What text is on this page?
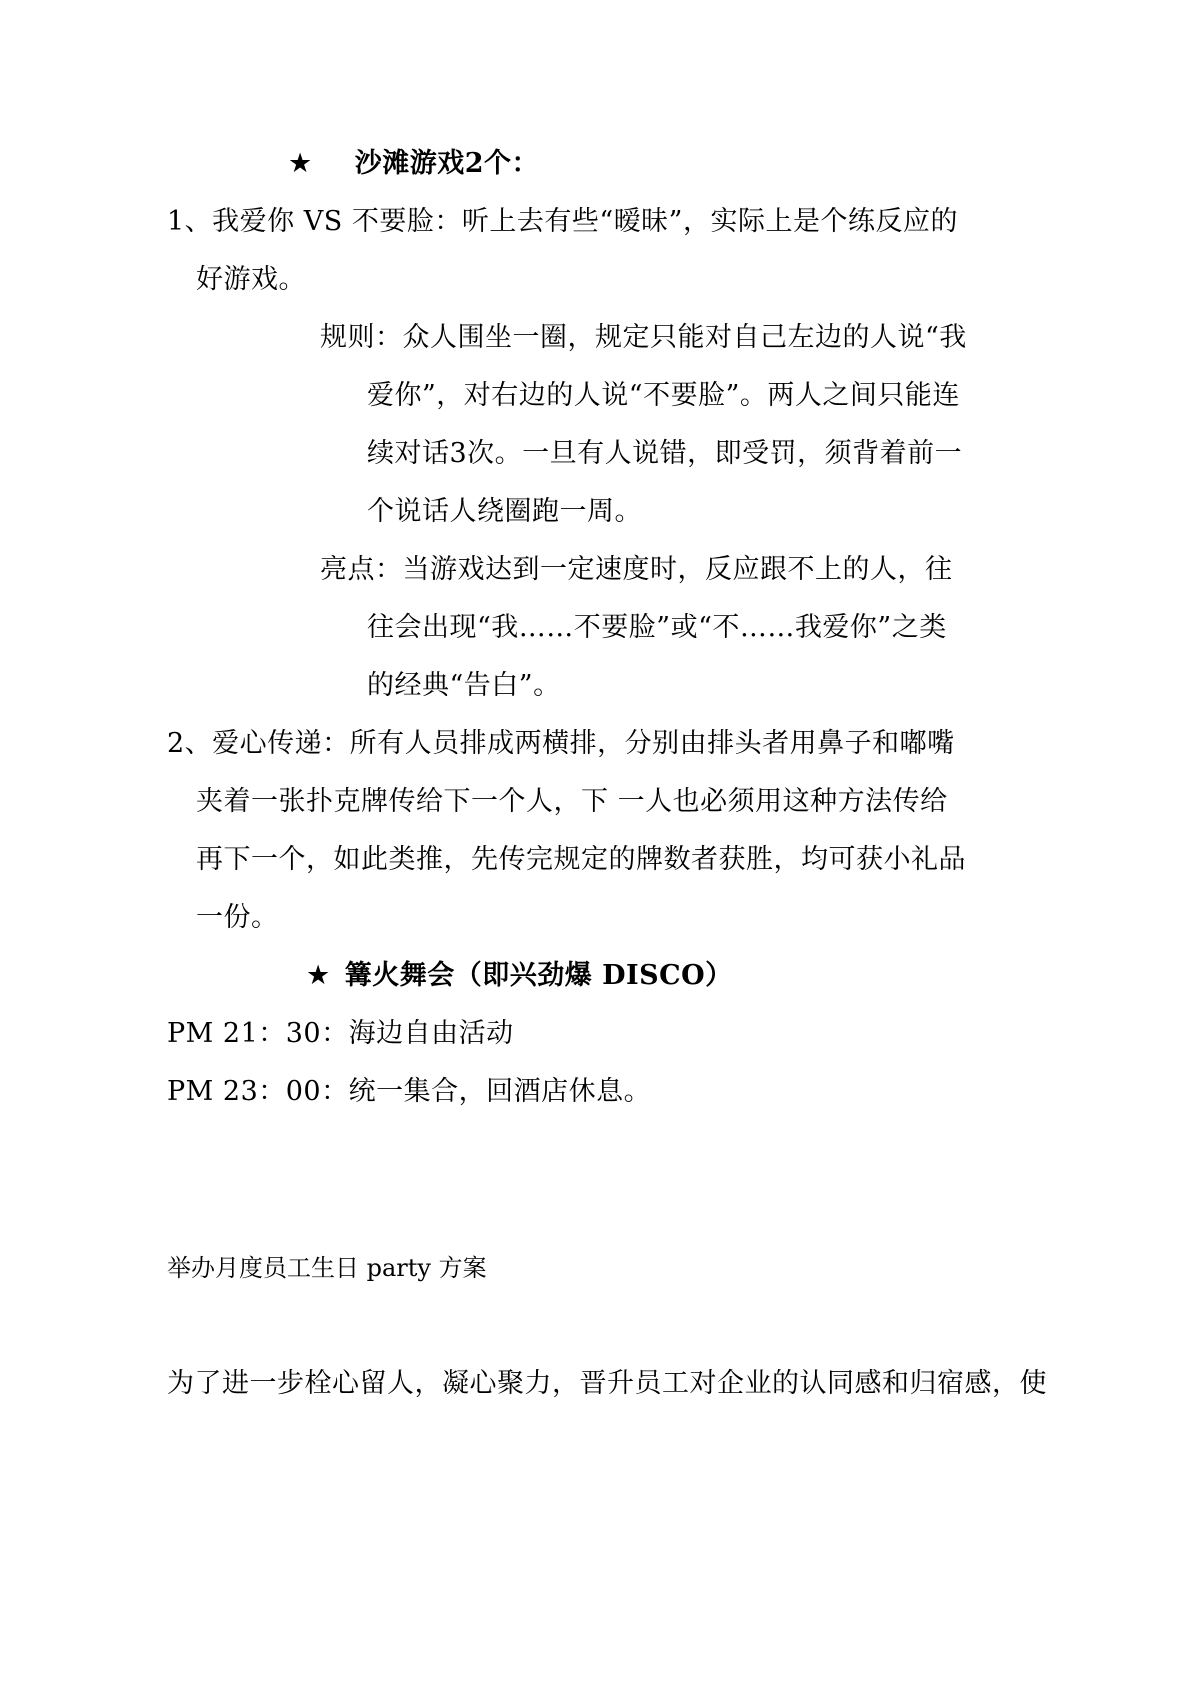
★ 沙滩游戏2个：
1、我爱你 VS 不要脸：听上去有些“暧昧”，实际上是个练反应的
好游戏。
规则：众人围坐一圈，规定只能对自己左边的人说“我
爱你”，对右边的人说“不要脸”。两人之间只能连
续对话3次。一旦有人说错，即受罚，须背着前一
个说话人绕圈跑一周。
亮点：当游戏达到一定速度时，反应跟不上的人，往
往会出现“我……不要脸”或“不……我爱你”之类
的经典“告白”。
2、爱心传递：所有人员排成两横排，分别由排头者用鼻子和嘟嘴
夹着一张扑克牌传给下一个人，下 一人也必须用这种方法传给
再下一个，如此类推，先传完规定的牌数者获胜，均可获小礼品
一份。
★ 篝火舞会（即兴劲爆 DISCO）
PM 21：30：海边自由活动
PM 23：00：统一集合，回酒店休息。
举办月度员工生日 party 方案
为了进一步栓心留人，凝心聚力，晋升员工对企业的认同感和归宿感，使
